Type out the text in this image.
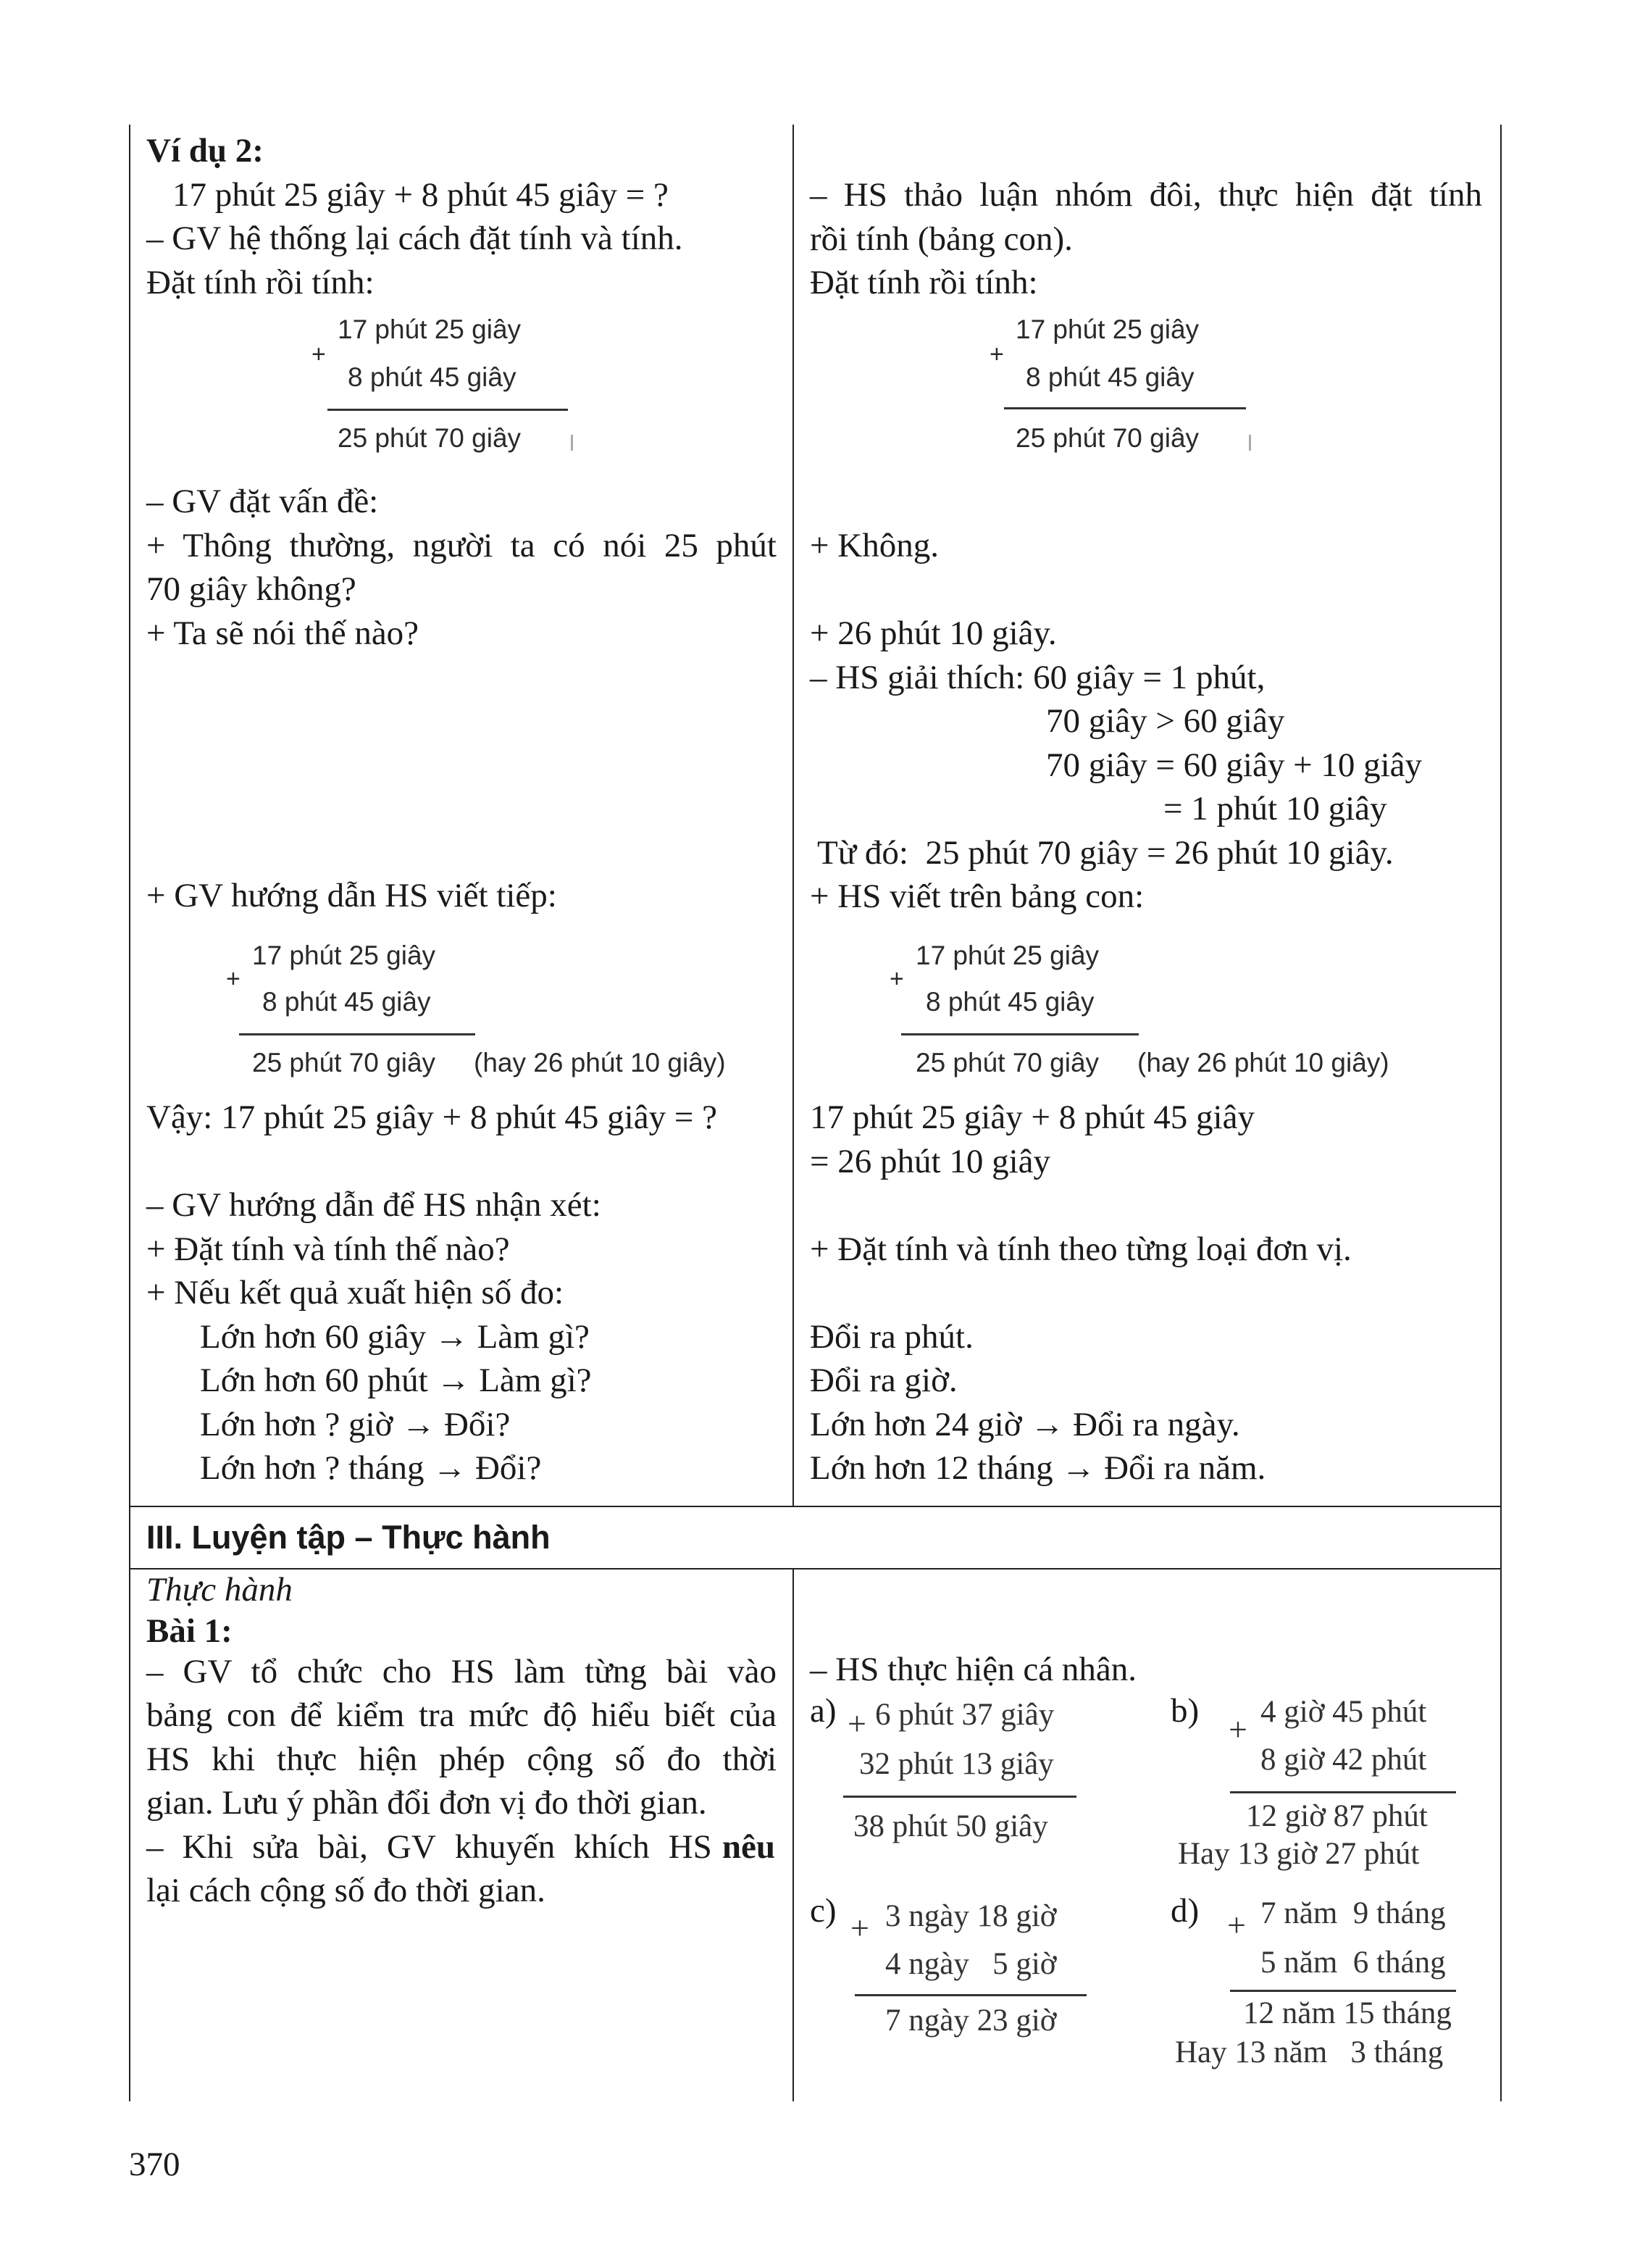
Ví dụ 2:
17 phút 25 giây + 8 phút 45 giây = ?
– GV hệ thống lại cách đặt tính và tính.
Đặt tính rồi tính:
– GV đặt vấn đề:
+ Thông thường, người ta có nói 25 phút
70 giây không?
+ Ta sẽ nói thế nào?
+ GV hướng dẫn HS viết tiếp:
Vậy: 17 phút 25 giây + 8 phút 45 giây = ?
– GV hướng dẫn để HS nhận xét:
+ Đặt tính và tính thế nào?
+ Nếu kết quả xuất hiện số đo:
Lớn hơn 60 giây → Làm gì?
Lớn hơn 60 phút → Làm gì?
Lớn hơn ? giờ → Đổi?
Lớn hơn ? tháng → Đổi?
– HS thảo luận nhóm đôi, thực hiện đặt tính
rồi tính (bảng con).
Đặt tính rồi tính:
+ Không.
+ 26 phút 10 giây.
– HS giải thích: 60 giây = 1 phút,
70 giây > 60 giây
70 giây = 60 giây + 10 giây
= 1 phút 10 giây
Từ đó:  25 phút 70 giây = 26 phút 10 giây.
+ HS viết trên bảng con:
17 phút 25 giây + 8 phút 45 giây
= 26 phút 10 giây
+ Đặt tính và tính theo từng loại đơn vị.
Đổi ra phút.
Đổi ra giờ.
Lớn hơn 24 giờ → Đổi ra ngày.
Lớn hơn 12 tháng → Đổi ra năm.
+
17 phút 25 giây
8 phút 45 giây
25 phút 70 giây
+
17 phút 25 giây
8 phút 45 giây
25 phút 70 giây
+
17 phút 25 giây
8 phút 45 giây
25 phút 70 giây (hay 26 phút 10 giây)
+
17 phút 25 giây
8 phút 45 giây
25 phút 70 giây (hay 26 phút 10 giây)
III. Luyện tập – Thực hành
Thực hành
Bài 1:
– GV tổ chức cho HS làm từng bài vào
bảng con để kiểm tra mức độ hiểu biết của
HS khi thực hiện phép cộng số đo thời
gian. Lưu ý phần đổi đơn vị đo thời gian.
– Khi sửa bài, GV khuyến khích HS nêu
lại cách cộng số đo thời gian.
– HS thực hiện cá nhân.
a) + 6 phút 37 giây
32 phút 13 giây
38 phút 50 giây
b) + 4 giờ 45 phút
8 giờ 42 phút
12 giờ 87 phút
Hay 13 giờ 27 phút
c) + 3 ngày 18 giờ
4 ngày   5 giờ
7 ngày 23 giờ
d) + 7 năm  9 tháng
5 năm  6 tháng
12 năm 15 tháng
Hay 13 năm   3 tháng
370
